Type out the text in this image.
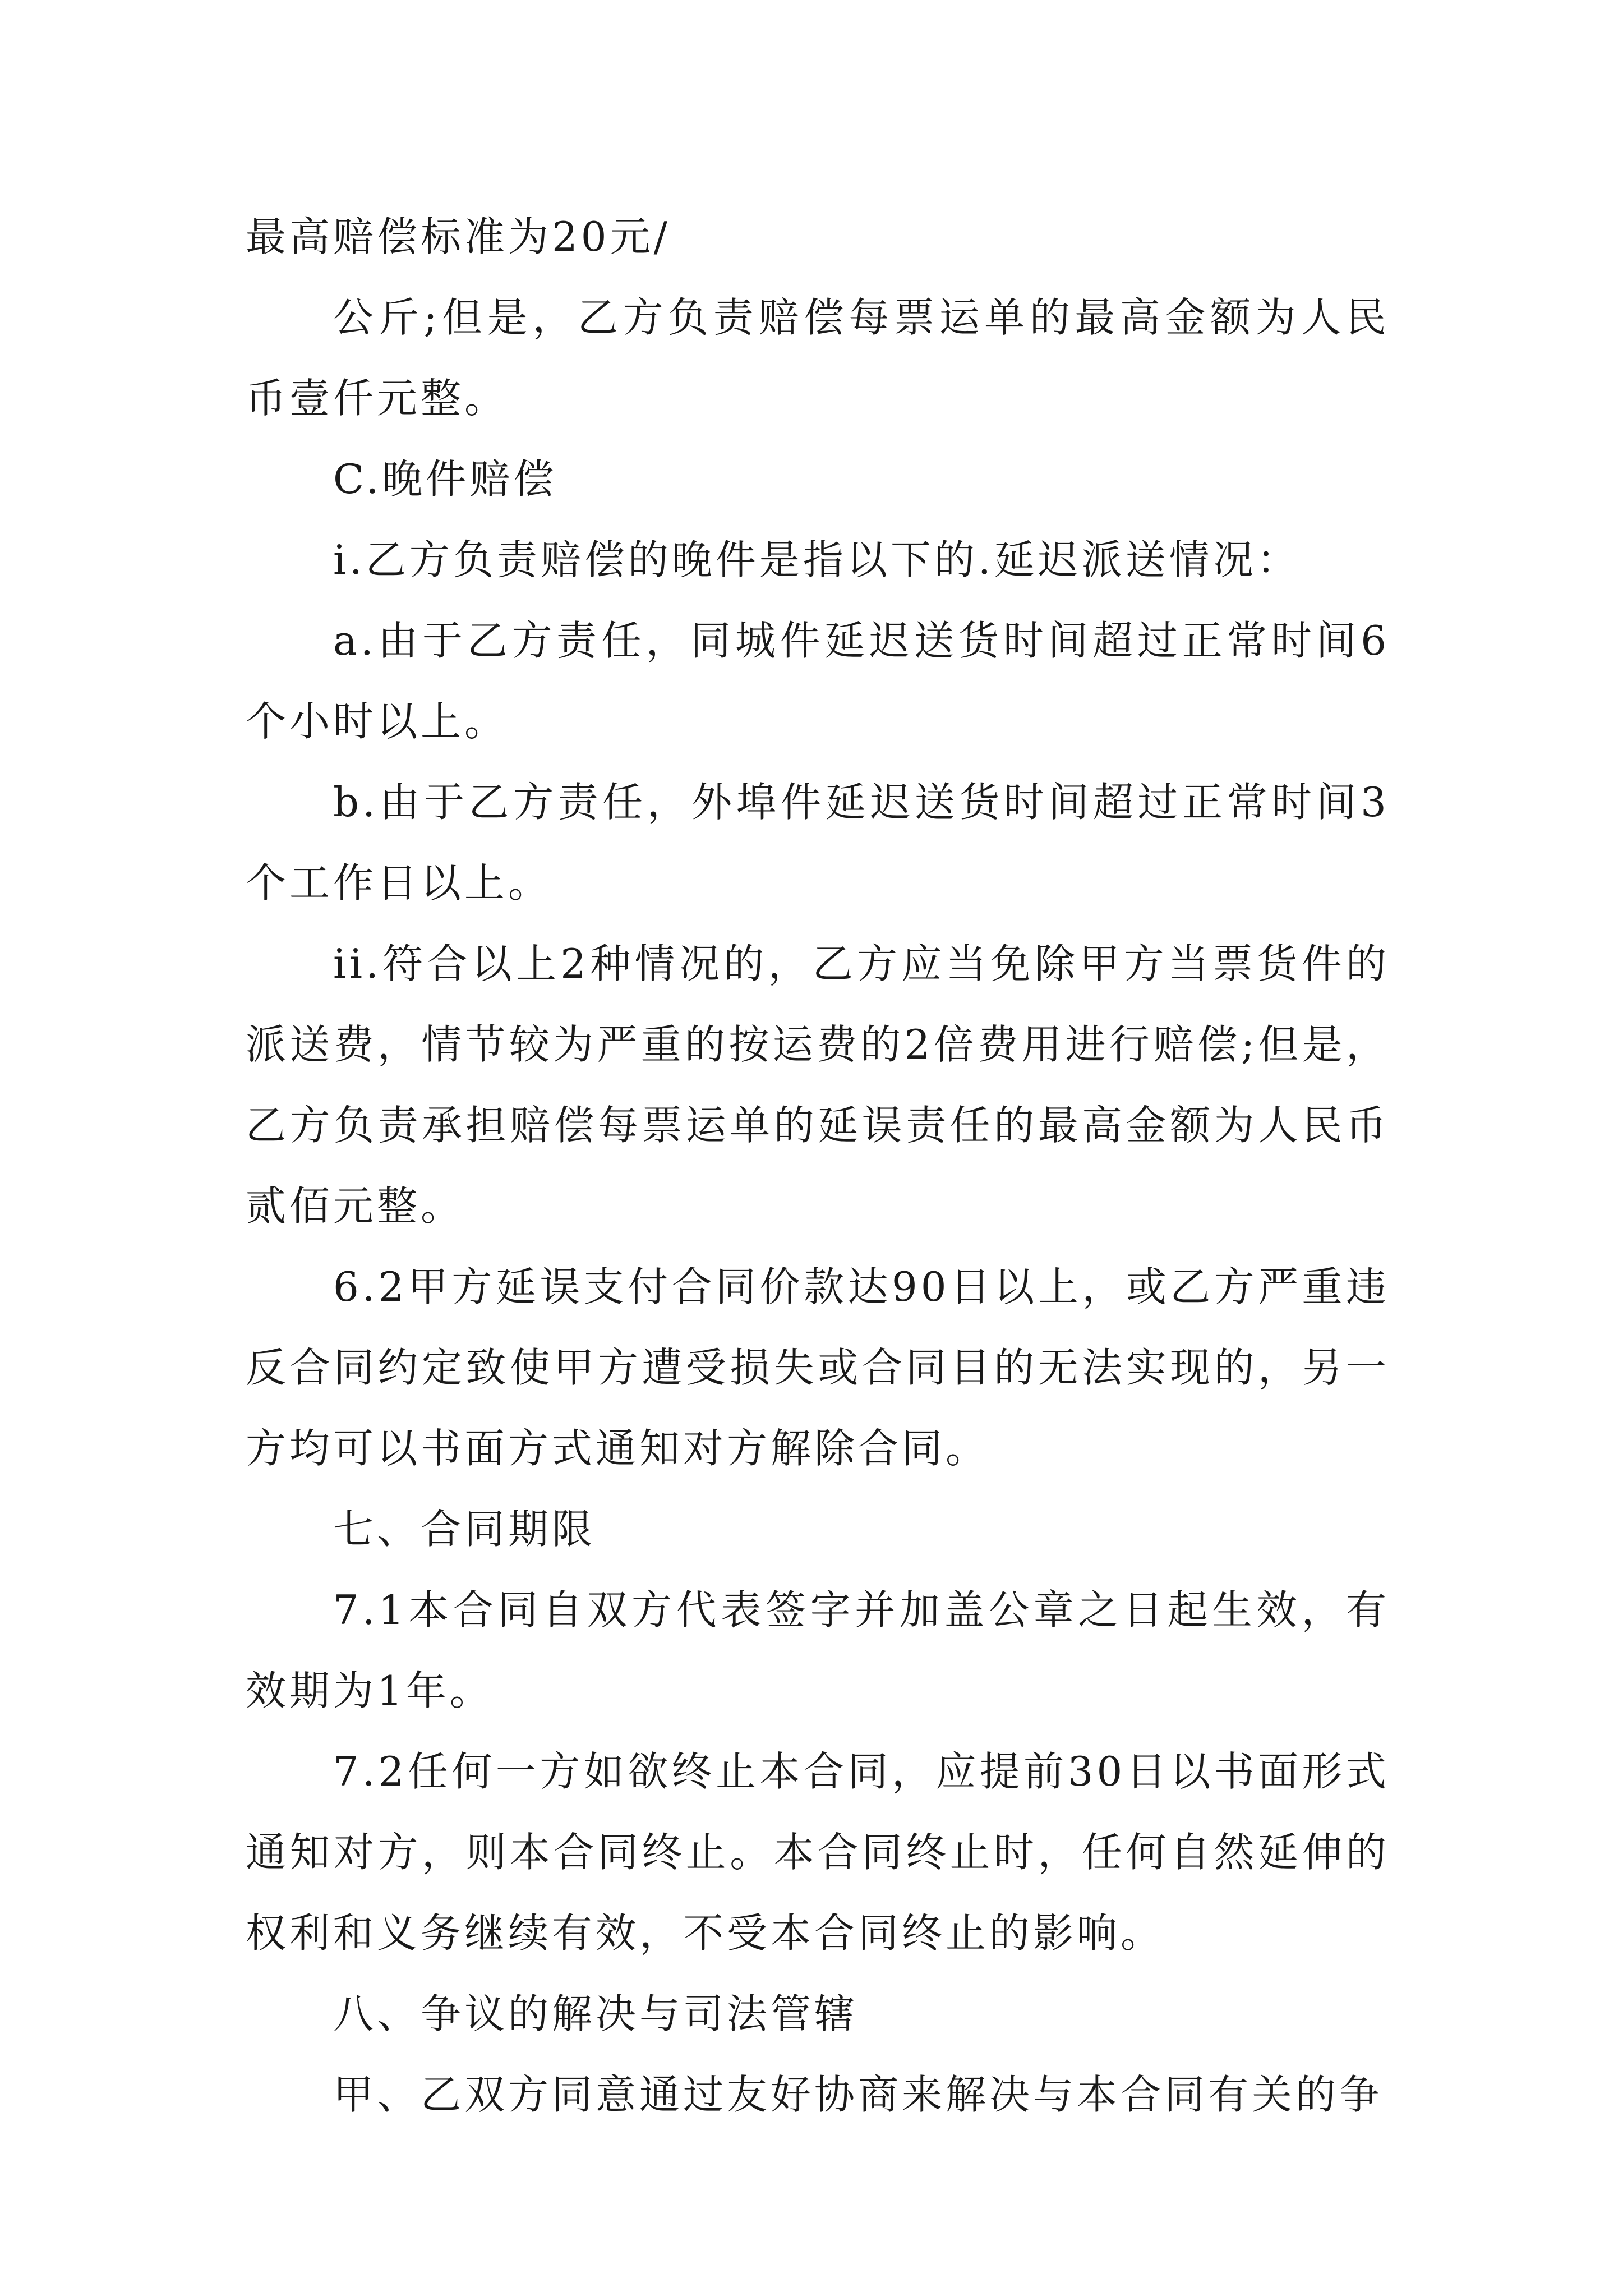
最高赔偿标准为20元/

公斤;但是，乙方负责赔偿每票运单的最高金额为人民币壹仟元整。

C.晚件赔偿

i.乙方负责赔偿的晚件是指以下的.延迟派送情况：

a.由于乙方责任，同城件延迟送货时间超过正常时间6个小时以上。

b.由于乙方责任，外埠件延迟送货时间超过正常时间3个工作日以上。

ii.符合以上2种情况的，乙方应当免除甲方当票货件的派送费，情节较为严重的按运费的2倍费用进行赔偿;但是，乙方负责承担赔偿每票运单的延误责任的最高金额为人民币贰佰元整。

6.2甲方延误支付合同价款达90日以上，或乙方严重违反合同约定致使甲方遭受损失或合同目的无法实现的，另一方均可以书面方式通知对方解除合同。

七、合同期限

7.1本合同自双方代表签字并加盖公章之日起生效，有效期为1年。

7.2任何一方如欲终止本合同，应提前30日以书面形式通知对方，则本合同终止。本合同终止时，任何自然延伸的权利和义务继续有效，不受本合同终止的影响。

八、争议的解决与司法管辖

甲、乙双方同意通过友好协商来解决与本合同有关的争
